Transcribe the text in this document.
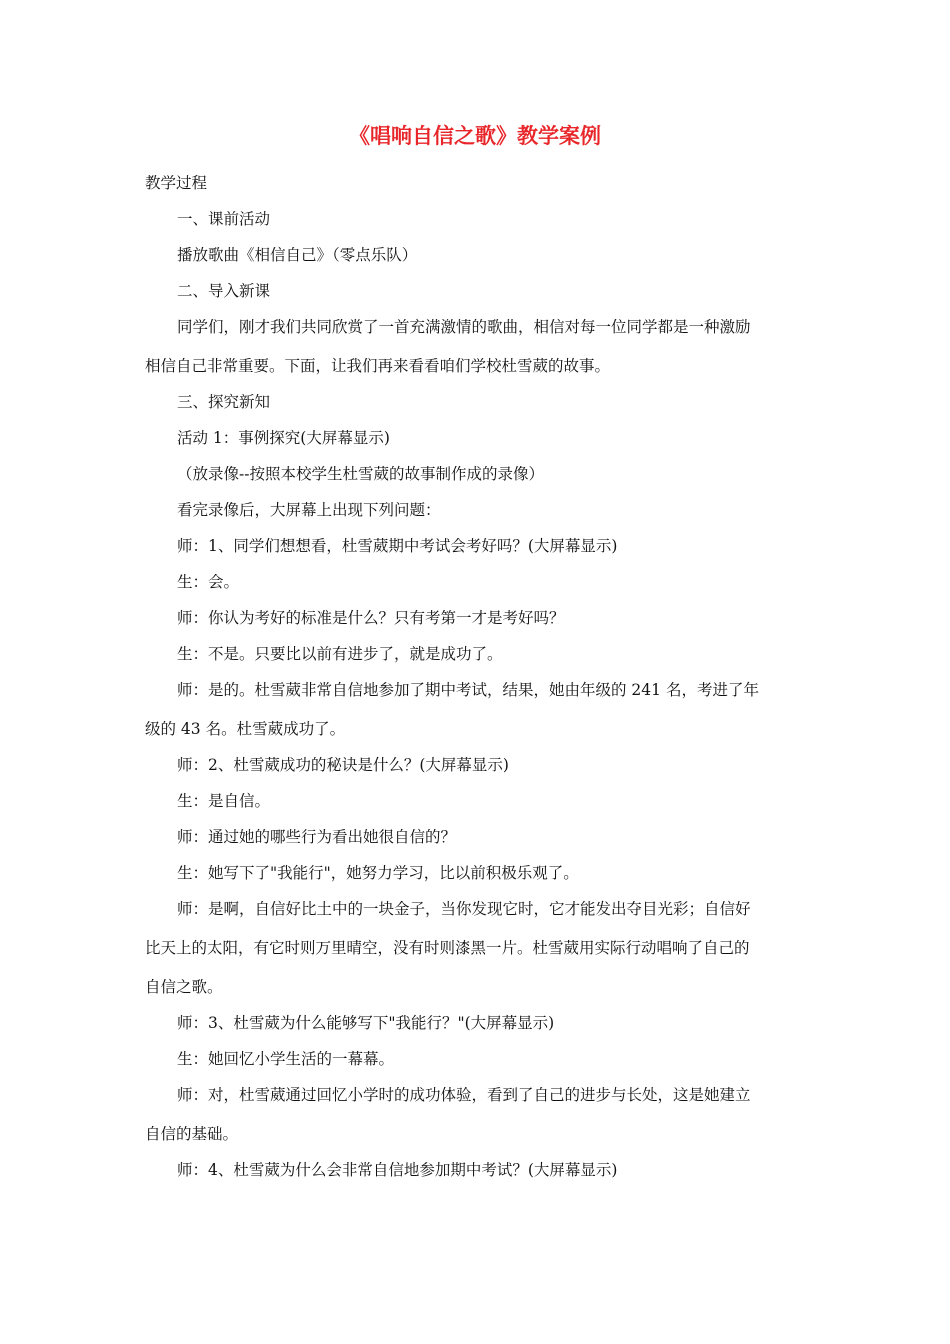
《唱响自信之歌》教学案例

教学过程

一、课前活动

播放歌曲《相信自己》（零点乐队）

二、导入新课

同学们，刚才我们共同欣赏了一首充满激情的歌曲，相信对每一位同学都是一种激励

相信自己非常重要。下面，让我们再来看看咱们学校杜雪葳的故事。

三、探究新知

活动 1：事例探究(大屏幕显示)

（放录像--按照本校学生杜雪葳的故事制作成的录像）

看完录像后，大屏幕上出现下列问题：

师：1、同学们想想看，杜雪葳期中考试会考好吗？(大屏幕显示)

生：会。

师：你认为考好的标准是什么？只有考第一才是考好吗？

生：不是。只要比以前有进步了，就是成功了。

师：是的。杜雪葳非常自信地参加了期中考试，结果，她由年级的 241 名，考进了年

级的 43 名。杜雪葳成功了。

师：2、杜雪葳成功的秘诀是什么？(大屏幕显示)

生：是自信。

师：通过她的哪些行为看出她很自信的？

生：她写下了"我能行"，她努力学习，比以前积极乐观了。

师：是啊，自信好比土中的一块金子，当你发现它时，它才能发出夺目光彩；自信好

比天上的太阳，有它时则万里晴空，没有时则漆黑一片。杜雪葳用实际行动唱响了自己的

自信之歌。

师：3、杜雪葳为什么能够写下"我能行？"(大屏幕显示)

生：她回忆小学生活的一幕幕。

师：对，杜雪葳通过回忆小学时的成功体验，看到了自己的进步与长处，这是她建立

自信的基础。

师：4、杜雪葳为什么会非常自信地参加期中考试？(大屏幕显示)
